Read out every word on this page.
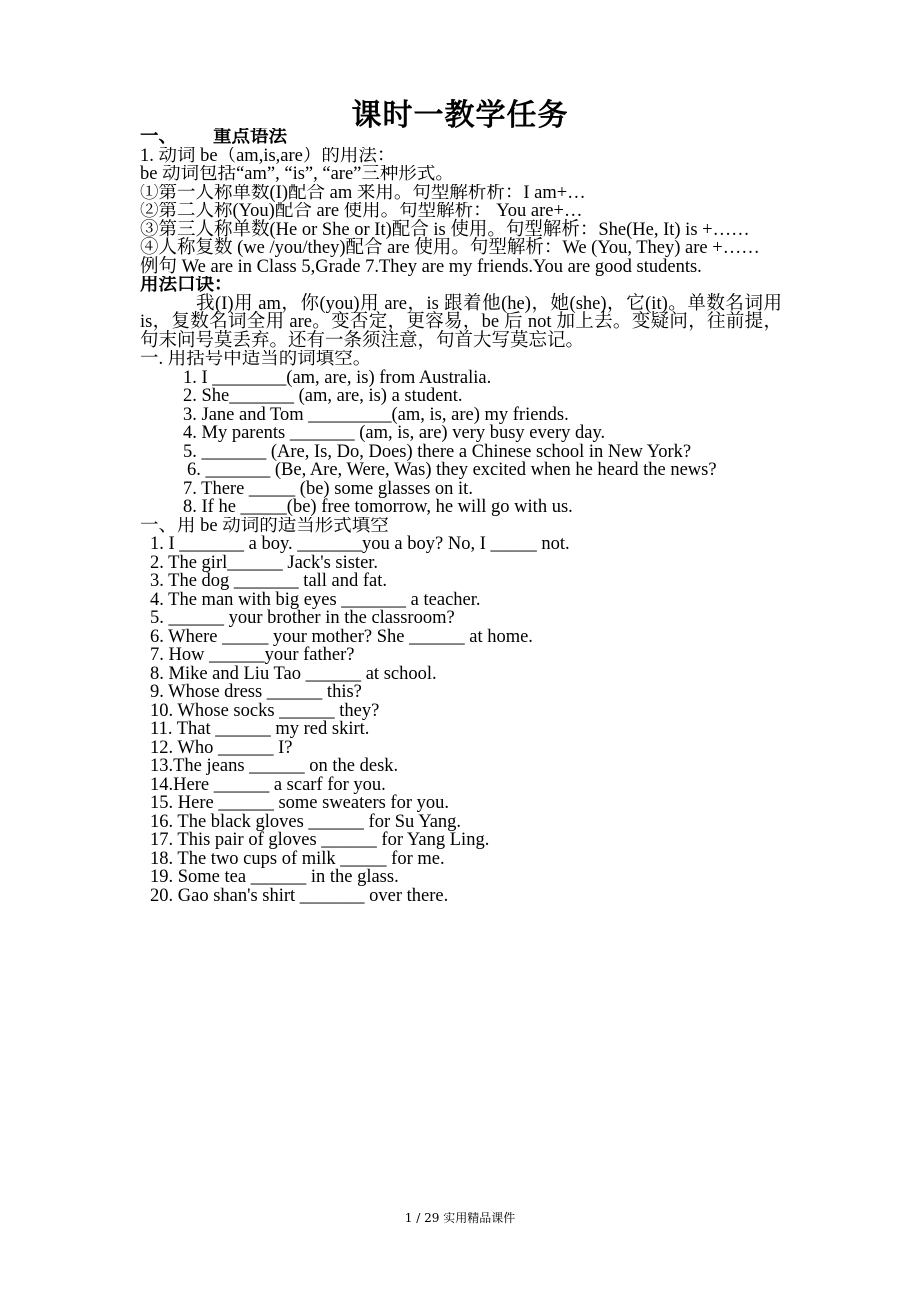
课时一教学任务
一、 重点语法
1. 动词 be（am,is,are）的用法：
be 动词包括“am”, “is”, “are”三种形式。
①第一人称单数(I)配合 am 来用。句型解析析：I am+…
②第二人称(You)配合 are 使用。句型解析： You are+…
③第三人称单数(He or She or It)配合 is 使用。句型解析：She(He, It) is +……
④人称复数 (we /you/they)配合 are 使用。句型解析：We (You, They) are +……
例句 We are in Class 5,Grade 7.They are my friends.You are good students.
用法口诀：
我(I)用 am，你(you)用 are，is 跟着他(he)，她(she)，它(it)。单数名词用 is，复数名词全用 are。变否定，更容易，be 后 not 加上去。变疑问，往前提，句末问号莫丢弃。还有一条须注意，句首大写莫忘记。
一. 用括号中适当的词填空。
1. I ________(am, are, is) from Australia.
2. She_______ (am, are, is) a student.
3. Jane and Tom _________(am, is, are) my friends.
4. My parents _______ (am, is, are) very busy every day.
5. _______ (Are, Is, Do, Does) there a Chinese school in New York?
6. _______ (Be, Are, Were, Was) they excited when he heard the news?
7. There _____ (be) some glasses on it.
8. If he _____(be) free tomorrow, he will go with us.
一、用 be 动词的适当形式填空
1. I _______ a boy. _______you a boy? No, I _____ not.
2. The girl______ Jack's sister.
3. The dog _______ tall and fat.
4. The man with big eyes _______ a teacher.
5. ______ your brother in the classroom?
6. Where _____ your mother? She ______ at home.
7. How ______your father?
8. Mike and Liu Tao ______ at school.
9. Whose dress ______ this?
10. Whose socks ______ they?
11. That ______ my red skirt.
12. Who ______ I?
13.The jeans ______ on the desk.
14.Here ______ a scarf for you.
15. Here ______ some sweaters for you.
16. The black gloves ______ for Su Yang.
17. This pair of gloves ______ for Yang Ling.
18. The two cups of milk _____ for me.
19. Some tea ______ in the glass.
20. Gao shan's shirt _______ over there.
1 / 29 实用精品课件
